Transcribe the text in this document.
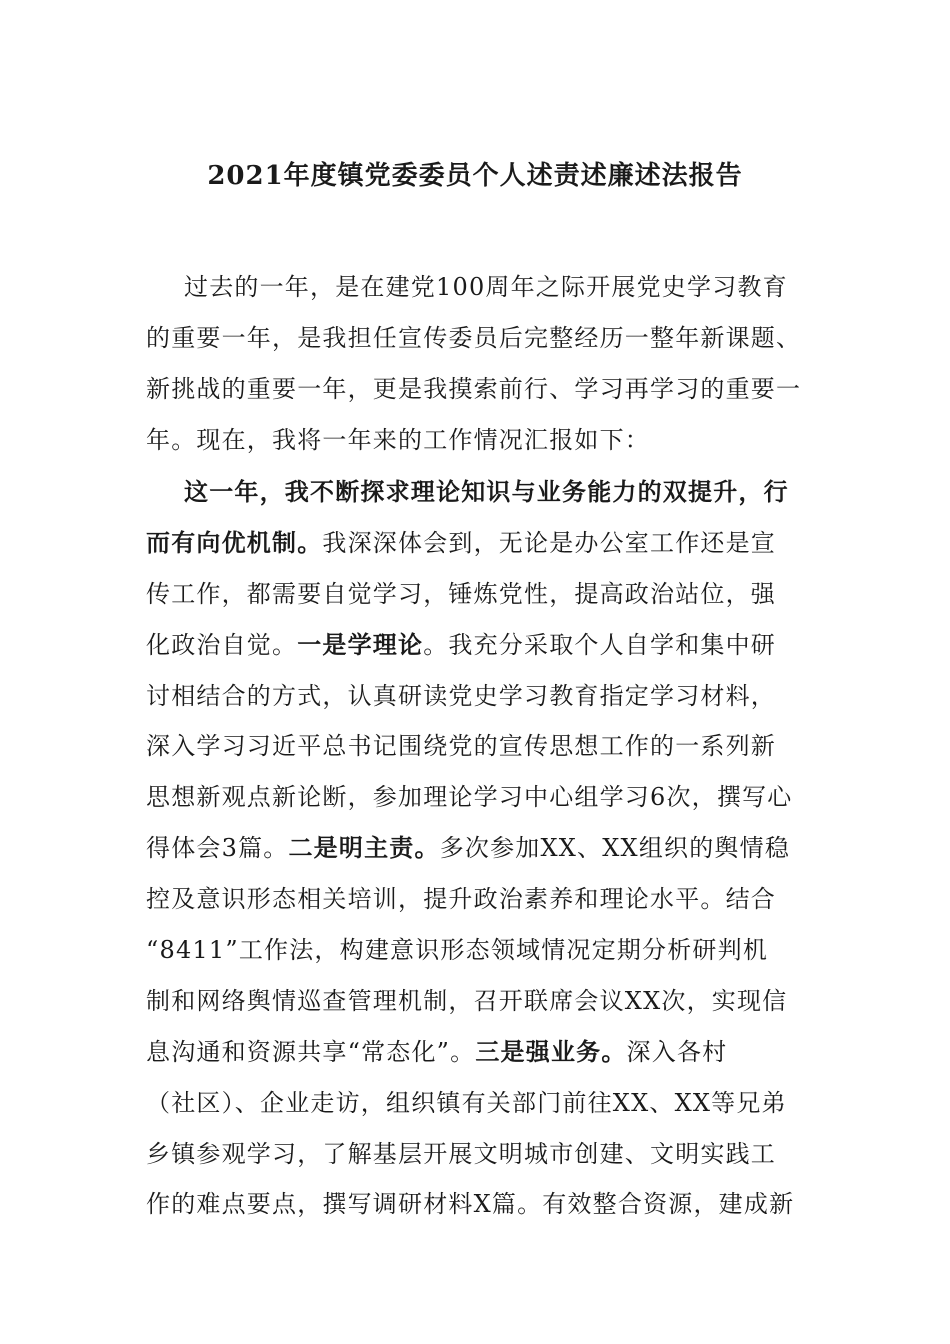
2021年度镇党委委员个人述责述廉述法报告
过去的一年，是在建党100周年之际开展党史学习教育
的重要一年，是我担任宣传委员后完整经历一整年新课题、
新挑战的重要一年，更是我摸索前行、学习再学习的重要一
年。现在，我将一年来的工作情况汇报如下：
这一年，我不断探求理论知识与业务能力的双提升，行
而有向优机制。我深深体会到，无论是办公室工作还是宣
传工作，都需要自觉学习，锤炼党性，提高政治站位，强
化政治自觉。一是学理论。我充分采取个人自学和集中研
讨相结合的方式，认真研读党史学习教育指定学习材料，
深入学习习近平总书记围绕党的宣传思想工作的一系列新
思想新观点新论断，参加理论学习中心组学习6次，撰写心
得体会3篇。二是明主责。多次参加XX、XX组织的舆情稳
控及意识形态相关培训，提升政治素养和理论水平。结合
“8411”工作法，构建意识形态领域情况定期分析研判机
制和网络舆情巡查管理机制，召开联席会议XX次，实现信
息沟通和资源共享“常态化”。三是强业务。深入各村
（社区）、企业走访，组织镇有关部门前往XX、XX等兄弟
乡镇参观学习，了解基层开展文明城市创建、文明实践工
作的难点要点，撰写调研材料X篇。有效整合资源，建成新
